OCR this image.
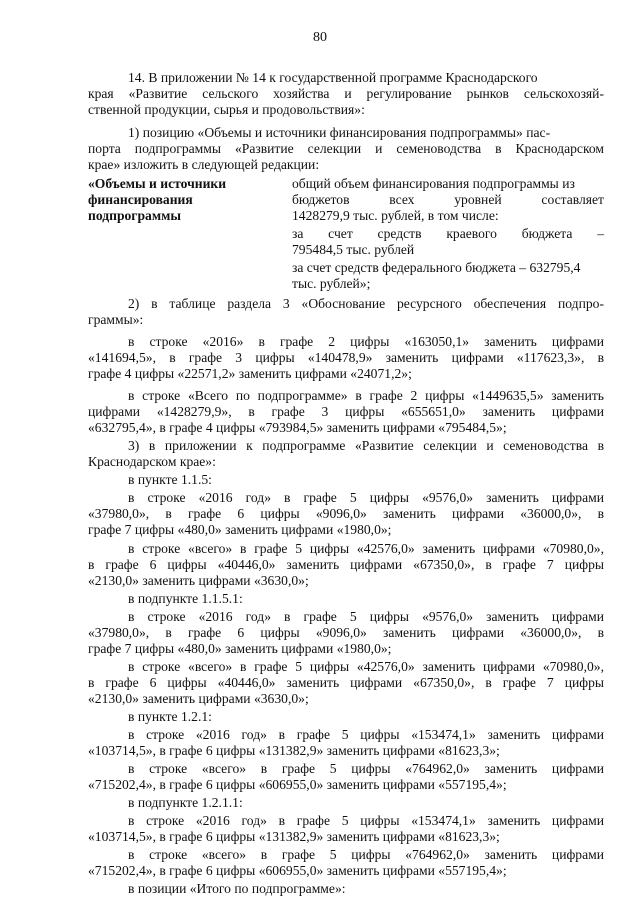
80
14. В приложении № 14 к государственной программе Краснодарского
края «Развитие сельского хозяйства и регулирование рынков сельскохозяй-
ственной продукции, сырья и продовольствия»:
1) позицию «Объемы и источники финансирования подпрограммы» пас-
порта подпрограммы «Развитие селекции и семеноводства в Краснодарском
крае» изложить в следующей редакции:
«Объемы и источники
финансирования
подпрограммы
общий объем финансирования подпрограммы из
бюджетов всех уровней составляет
1428279,9 тыс. рублей, в том числе:
за счет средств краевого бюджета –
795484,5 тыс. рублей
за счет средств федерального бюджета – 632795,4
тыс. рублей»;
2) в таблице раздела 3 «Обоснование ресурсного обеспечения подпро-
граммы»:
в строке «2016» в графе 2 цифры «163050,1» заменить цифрами
«141694,5», в графе 3 цифры «140478,9» заменить цифрами «117623,3», в
графе 4 цифры «22571,2» заменить цифрами «24071,2»;
в строке «Всего по подпрограмме» в графе 2 цифры «1449635,5» заменить
цифрами «1428279,9», в графе 3 цифры «655651,0» заменить цифрами
«632795,4», в графе 4 цифры «793984,5» заменить цифрами «795484,5»;
3) в приложении к подпрограмме «Развитие селекции и семеноводства в
Краснодарском крае»:
в пункте 1.1.5:
в строке «2016 год» в графе 5 цифры «9576,0» заменить цифрами
«37980,0», в графе 6 цифры «9096,0» заменить цифрами «36000,0», в
графе 7 цифры «480,0» заменить цифрами «1980,0»;
в строке «всего» в графе 5 цифры «42576,0» заменить цифрами «70980,0»,
в графе 6 цифры «40446,0» заменить цифрами «67350,0», в графе 7 цифры
«2130,0» заменить цифрами «3630,0»;
в подпункте 1.1.5.1:
в строке «2016 год» в графе 5 цифры «9576,0» заменить цифрами
«37980,0», в графе 6 цифры «9096,0» заменить цифрами «36000,0», в
графе 7 цифры «480,0» заменить цифрами «1980,0»;
в строке «всего» в графе 5 цифры «42576,0» заменить цифрами «70980,0»,
в графе 6 цифры «40446,0» заменить цифрами «67350,0», в графе 7 цифры
«2130,0» заменить цифрами «3630,0»;
в пункте 1.2.1:
в строке «2016 год» в графе 5 цифры «153474,1» заменить цифрами
«103714,5», в графе 6 цифры «131382,9» заменить цифрами «81623,3»;
в строке «всего» в графе 5 цифры «764962,0» заменить цифрами
«715202,4», в графе 6 цифры «606955,0» заменить цифрами «557195,4»;
в подпункте 1.2.1.1:
в строке «2016 год» в графе 5 цифры «153474,1» заменить цифрами
«103714,5», в графе 6 цифры «131382,9» заменить цифрами «81623,3»;
в строке «всего» в графе 5 цифры «764962,0» заменить цифрами
«715202,4», в графе 6 цифры «606955,0» заменить цифрами «557195,4»;
в позиции «Итого по подпрограмме»:
